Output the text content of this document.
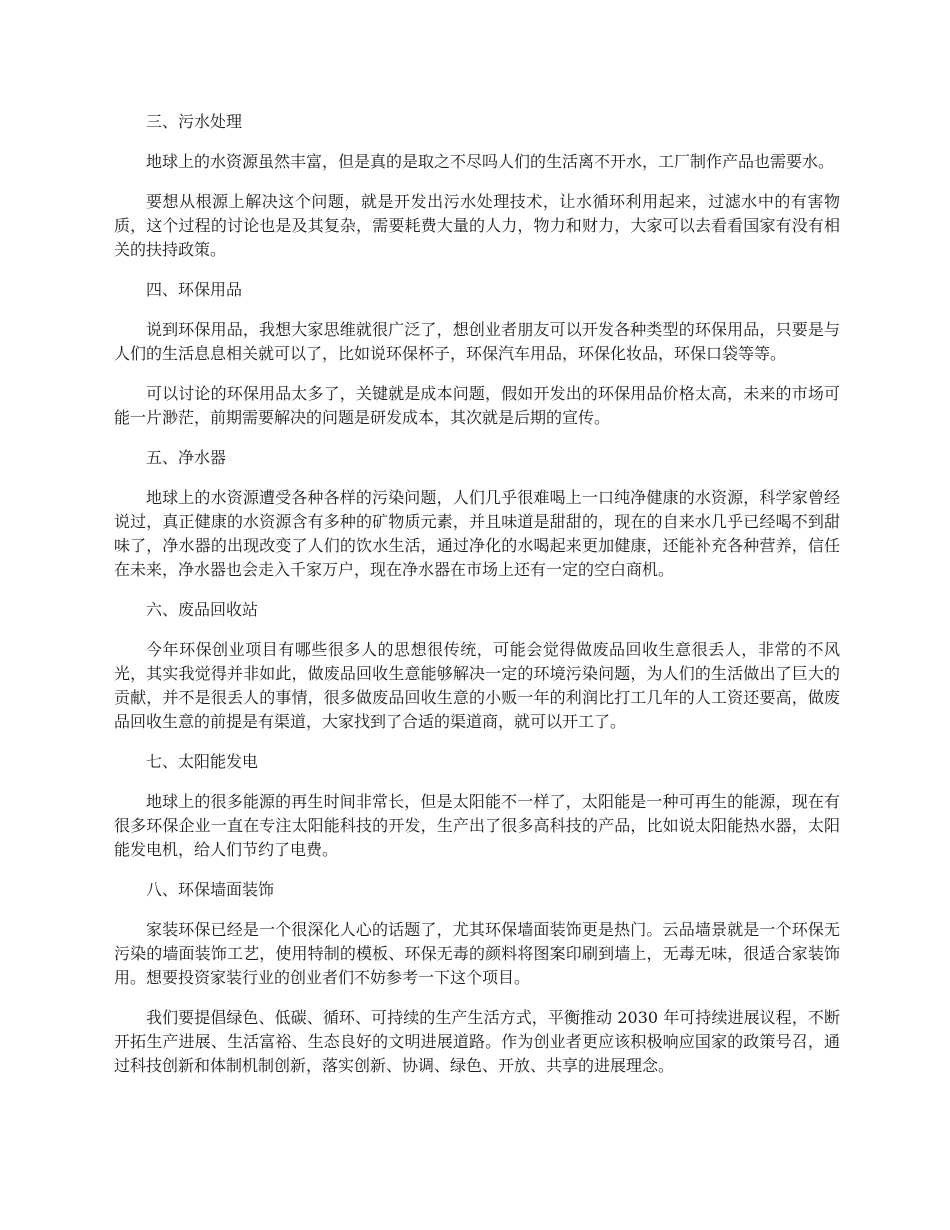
三、污水处理

地球上的水资源虽然丰富，但是真的是取之不尽吗人们的生活离不开水，工厂制作产品也需要水。

要想从根源上解决这个问题，就是开发出污水处理技术，让水循环利用起来，过滤水中的有害物质，这个过程的讨论也是及其复杂，需要耗费大量的人力，物力和财力，大家可以去看看国家有没有相关的扶持政策。

四、环保用品

说到环保用品，我想大家思维就很广泛了，想创业者朋友可以开发各种类型的环保用品，只要是与人们的生活息息相关就可以了，比如说环保杯子，环保汽车用品，环保化妆品，环保口袋等等。

可以讨论的环保用品太多了，关键就是成本问题，假如开发出的环保用品价格太高，未来的市场可能一片渺茫，前期需要解决的问题是研发成本，其次就是后期的宣传。

五、净水器

地球上的水资源遭受各种各样的污染问题，人们几乎很难喝上一口纯净健康的水资源，科学家曾经说过，真正健康的水资源含有多种的矿物质元素，并且味道是甜甜的，现在的自来水几乎已经喝不到甜味了，净水器的出现改变了人们的饮水生活，通过净化的水喝起来更加健康，还能补充各种营养，信任在未来，净水器也会走入千家万户，现在净水器在市场上还有一定的空白商机。

六、废品回收站

今年环保创业项目有哪些很多人的思想很传统，可能会觉得做废品回收生意很丢人，非常的不风光，其实我觉得并非如此，做废品回收生意能够解决一定的环境污染问题，为人们的生活做出了巨大的贡献，并不是很丢人的事情，很多做废品回收生意的小贩一年的利润比打工几年的人工资还要高，做废品回收生意的前提是有渠道，大家找到了合适的渠道商，就可以开工了。

七、太阳能发电

地球上的很多能源的再生时间非常长，但是太阳能不一样了，太阳能是一种可再生的能源，现在有很多环保企业一直在专注太阳能科技的开发，生产出了很多高科技的产品，比如说太阳能热水器，太阳能发电机，给人们节约了电费。

八、环保墙面装饰

家装环保已经是一个很深化人心的话题了，尤其环保墙面装饰更是热门。云品墙景就是一个环保无污染的墙面装饰工艺，使用特制的模板、环保无毒的颜料将图案印刷到墙上，无毒无味，很适合家装饰用。想要投资家装行业的创业者们不妨参考一下这个项目。

我们要提倡绿色、低碳、循环、可持续的生产生活方式，平衡推动 2030 年可持续进展议程，不断开拓生产进展、生活富裕、生态良好的文明进展道路。作为创业者更应该积极响应国家的政策号召，通过科技创新和体制机制创新，落实创新、协调、绿色、开放、共享的进展理念。
